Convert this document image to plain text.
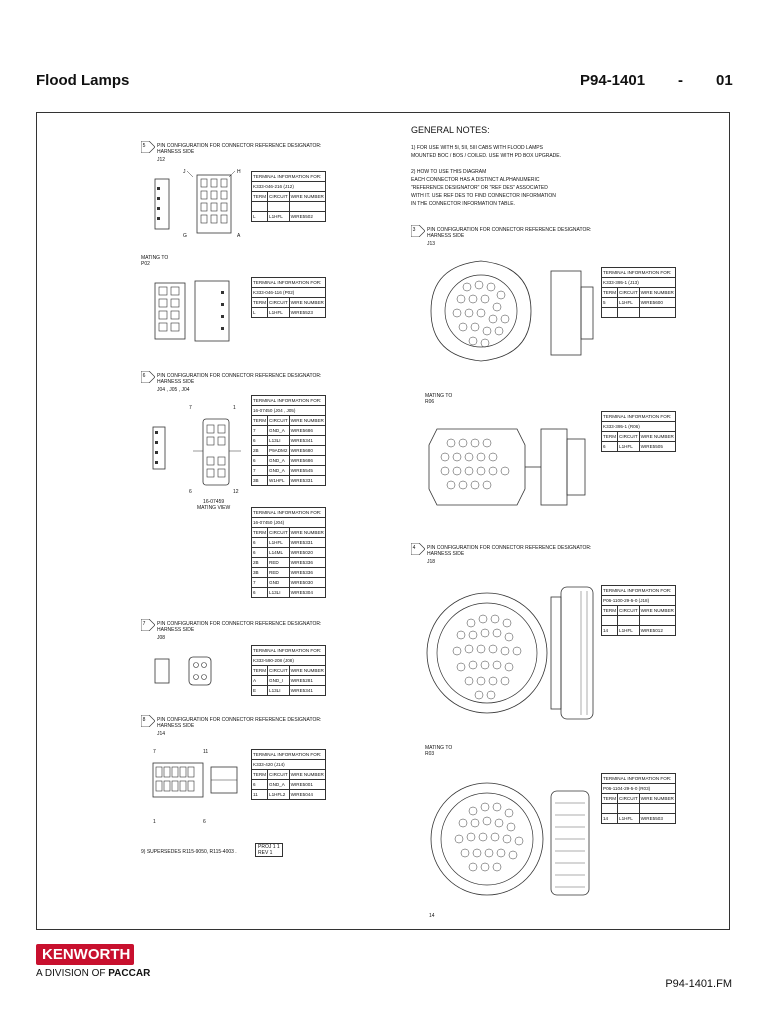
Flood Lamps	P94-1401 - 01
GENERAL NOTES:
1) FOR USE WITH 5I, 5II, 5III CABS WITH FLOOD LAMPS
MOUNTED BOC / BOS / COILED. USE WITH PD BOX UPGRADE.
2) HOW TO USE THIS DIAGRAM
EACH CONNECTOR HAS A DISTINCT ALPHANUMERIC
"REFERENCE DESIGNATOR" OR "REF DES" ASSOCIATED
WITH IT. USE REF DES TO FIND CONNECTOR INFORMATION
IN THE CONNECTOR INFORMATION TABLE.
5	PIN CONFIGURATION FOR CONNECTOR REFERENCE DESIGNATOR:
HARNESS SIDE
J12
6	PIN CONFIGURATION FOR CONNECTOR REFERENCE DESIGNATOR:
HARNESS SIDE
J04 , J05 , J04
7	PIN CONFIGURATION FOR CONNECTOR REFERENCE DESIGNATOR:
HARNESS SIDE
J08
8	PIN CONFIGURATION FOR CONNECTOR REFERENCE DESIGNATOR:
HARNESS SIDE
J14
3	PIN CONFIGURATION FOR CONNECTOR REFERENCE DESIGNATOR:
HARNESS SIDE
J13
4	PIN CONFIGURATION FOR CONNECTOR REFERENCE DESIGNATOR:
HARNESS SIDE
J18
MATING TO
P02
MATING TO
R06
MATING TO
R03
16-07459
MATING VIEW
J	H
G	A
7	1
6	12
7	11
1	6
14
TERMINAL INFORMATION FOR:		
K333-046-216 (J12)		
TERM	CIRCUIT	WIRE NUMBER

L	L1HFL	WIRE5502
TERMINAL INFORMATION FOR:		
K333-046-116 (P02)		
TERM	CIRCUIT	WIRE NUMBER
L	L1HFL	WIRE5523
TERMINAL INFORMATION FOR:		
16-07450 (J04 , J05)		
TERM	CIRCUIT	WIRE NUMBER
7	GND_A	WIRE5686
6	L13LI	WIRE5341
2B	P9ADM2	WIRE5680
6	GND_A	WIRE5686
7	GND_A	WIRE5545
3B	W1HFL	WIRE5331
TERMINAL INFORMATION FOR:		
16-07450 (J04)		
TERM	CIRCUIT	WIRE NUMBER
6	L1HFL	WIRE5331
6	L14ML	WIRE5020
2B	RED	WIRE5336
3B	RED	WIRE5336
7	GND	WIRE5030
6	L13LI	WIRE5304
TERMINAL INFORMATION FOR:		
K333-590-208 (J08)		
TERM	CIRCUIT	WIRE NUMBER
A	GND_I	WIRE5281
E	L13LI	WIRE5341
TERMINAL INFORMATION FOR:		
K333-420 (J14)		
TERM	CIRCUIT	WIRE NUMBER
6	GND_A	WIRE5001
11	L1HFL2	WIRE5044
TERMINAL INFORMATION FOR:		
K333-395-1 (J13)		
TERM	CIRCUIT	WIRE NUMBER
5	L1HFL	WIRE5600

TERMINAL INFORMATION FOR:		
K333-395-1 (R06)		
TERM	CIRCUIT	WIRE NUMBER
6	L1HFL	WIRE5505
TERMINAL INFORMATION FOR:		
P06-1100-29-5-0 (J18)		
TERM	CIRCUIT	WIRE NUMBER

14	L1HFL	WIRE5012
TERMINAL INFORMATION FOR:		
P06-1104-29-5-0 (R03)		
TERM	CIRCUIT	WIRE NUMBER

14	L1HFL	WIRE5503
9) SUPERSEDES R115-9050, R115-4003 .
PROJ 1 1
REV 1
KENWORTH
A DIVISION OF PACCAR
P94-1401.FM
